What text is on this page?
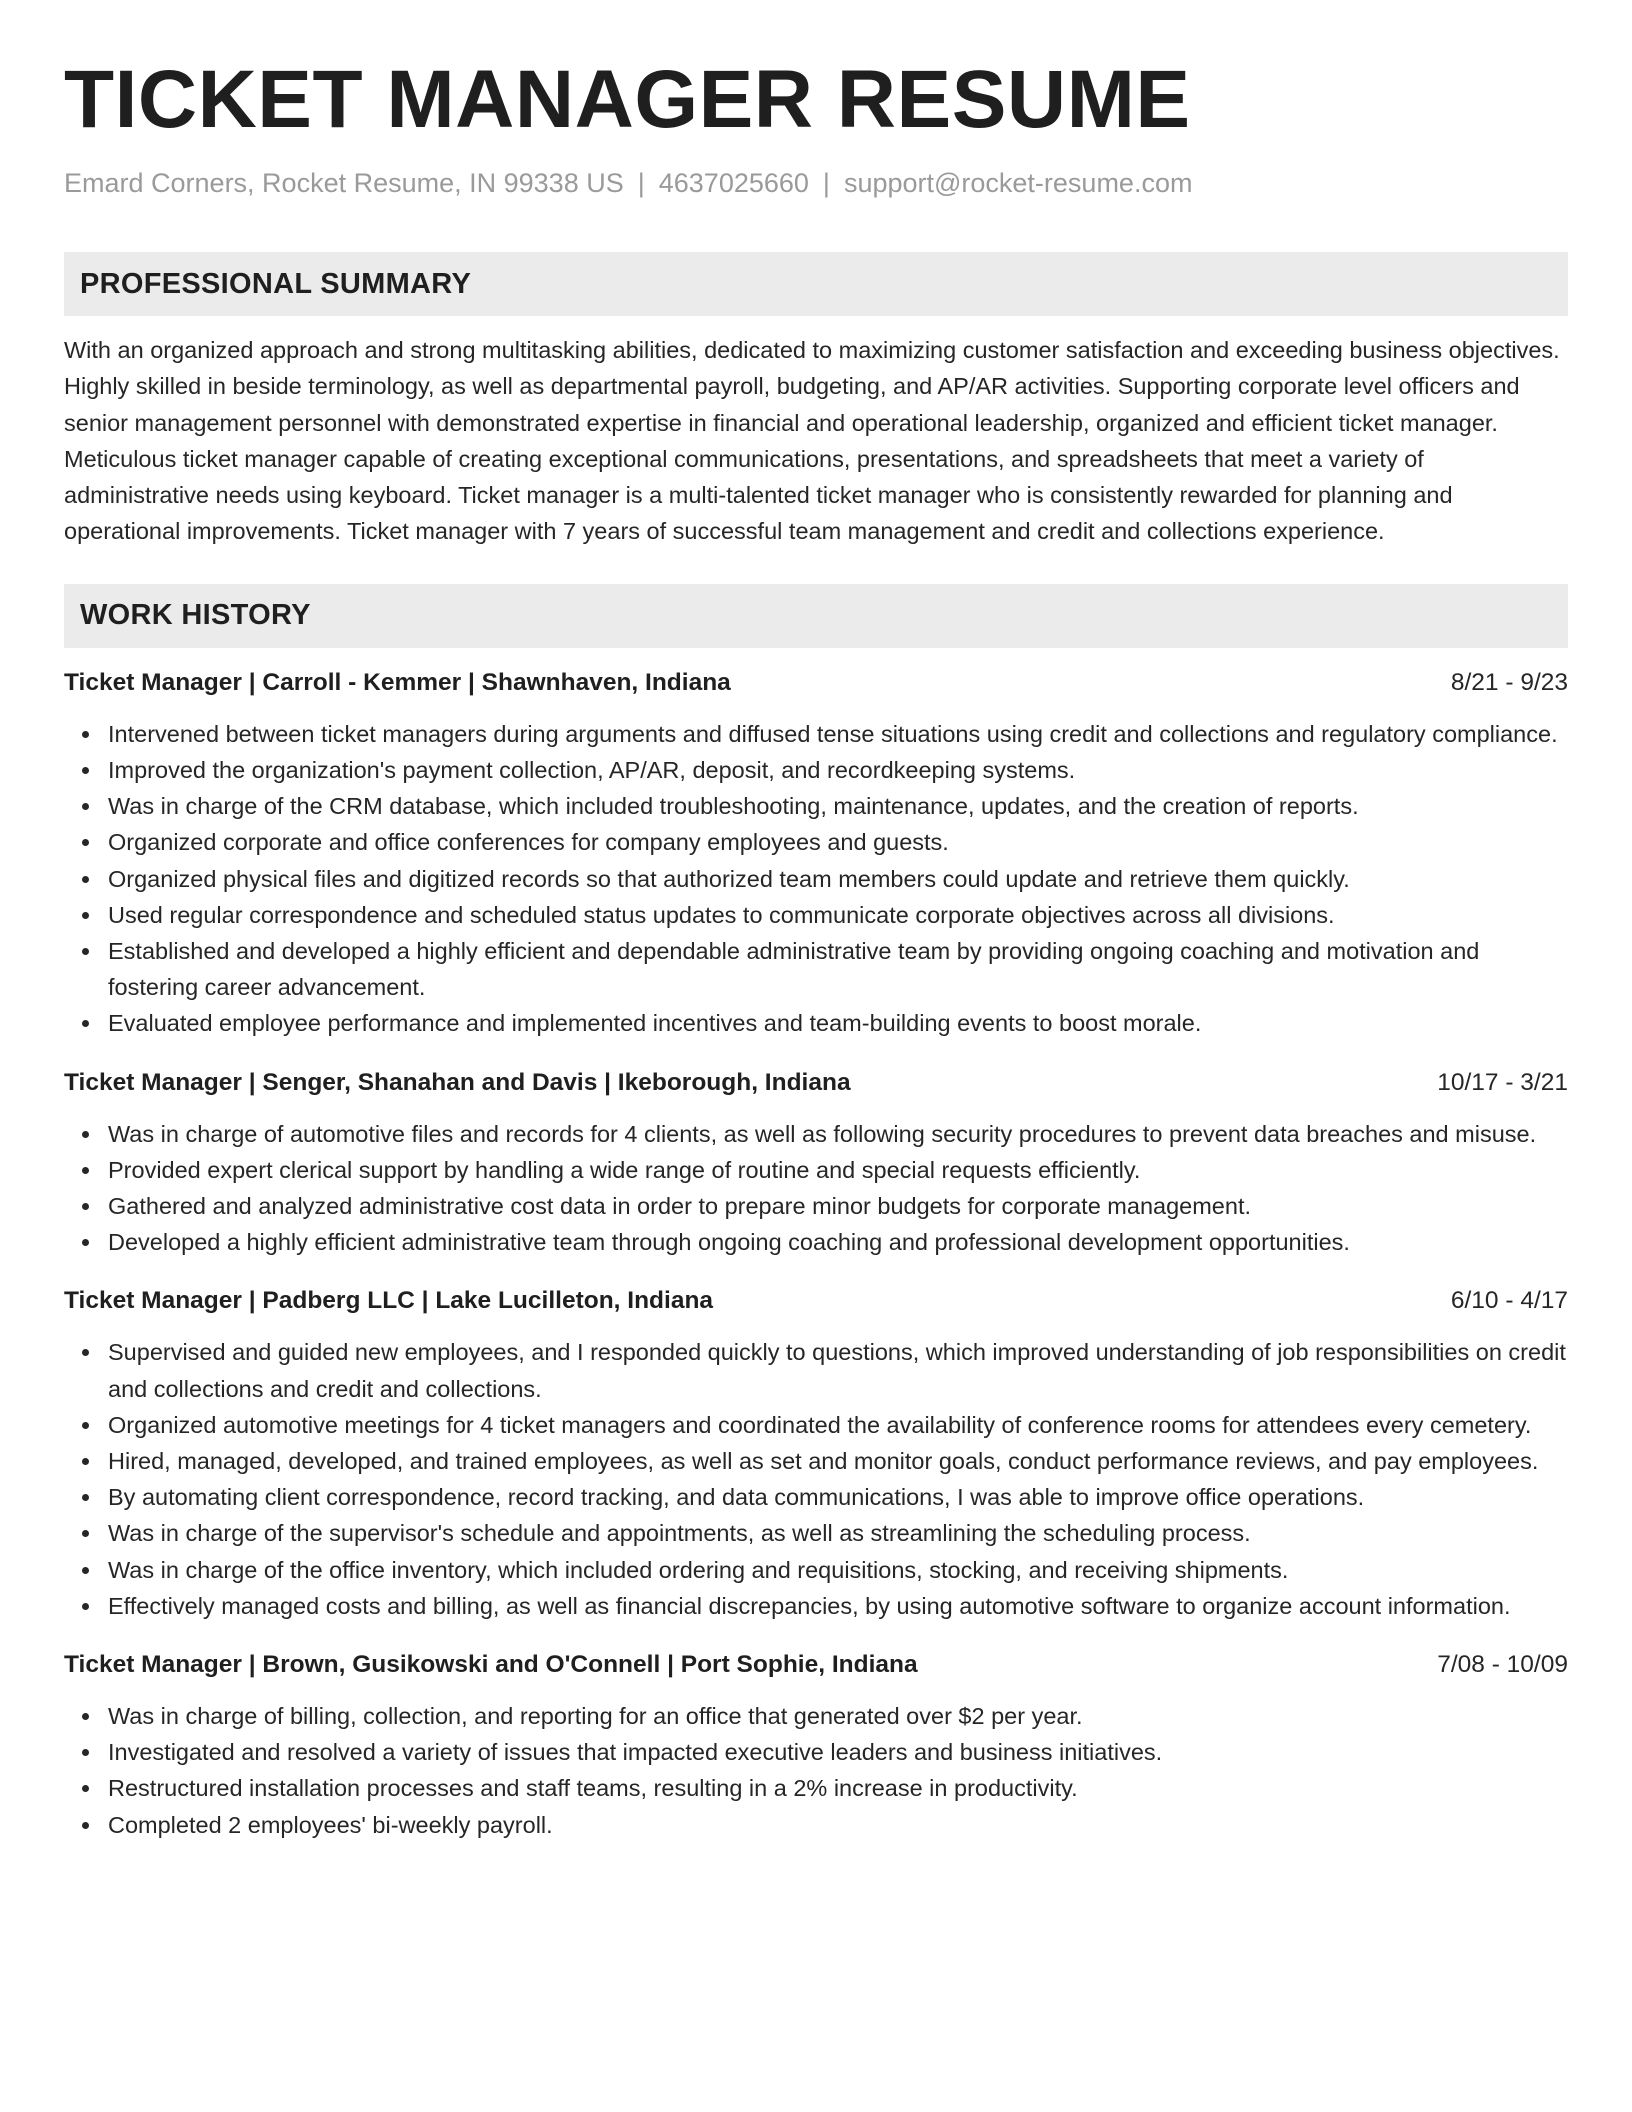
TICKET MANAGER RESUME
Emard Corners, Rocket Resume, IN 99338 US | 4637025660 | support@rocket-resume.com
PROFESSIONAL SUMMARY

With an organized approach and strong multitasking abilities, dedicated to maximizing customer satisfaction and exceeding business objectives. Highly skilled in beside terminology, as well as departmental payroll, budgeting, and AP/AR activities. Supporting corporate level officers and senior management personnel with demonstrated expertise in financial and operational leadership, organized and efficient ticket manager. Meticulous ticket manager capable of creating exceptional communications, presentations, and spreadsheets that meet a variety of administrative needs using keyboard. Ticket manager is a multi-talented ticket manager who is consistently rewarded for planning and operational improvements. Ticket manager with 7 years of successful team management and credit and collections experience.

WORK HISTORY
Ticket Manager | Carroll - Kemmer | Shawnhaven, Indiana	8/21 - 9/23
Intervened between ticket managers during arguments and diffused tense situations using credit and collections and regulatory compliance.
Improved the organization's payment collection, AP/AR, deposit, and recordkeeping systems.
Was in charge of the CRM database, which included troubleshooting, maintenance, updates, and the creation of reports.
Organized corporate and office conferences for company employees and guests.
Organized physical files and digitized records so that authorized team members could update and retrieve them quickly.
Used regular correspondence and scheduled status updates to communicate corporate objectives across all divisions.
Established and developed a highly efficient and dependable administrative team by providing ongoing coaching and motivation and fostering career advancement.
Evaluated employee performance and implemented incentives and team-building events to boost morale.
Ticket Manager | Senger, Shanahan and Davis | Ikeborough, Indiana	10/17 - 3/21
Was in charge of automotive files and records for 4 clients, as well as following security procedures to prevent data breaches and misuse.
Provided expert clerical support by handling a wide range of routine and special requests efficiently.
Gathered and analyzed administrative cost data in order to prepare minor budgets for corporate management.
Developed a highly efficient administrative team through ongoing coaching and professional development opportunities.
Ticket Manager | Padberg LLC | Lake Lucilleton, Indiana	6/10 - 4/17
Supervised and guided new employees, and I responded quickly to questions, which improved understanding of job responsibilities on credit and collections and credit and collections.
Organized automotive meetings for 4 ticket managers and coordinated the availability of conference rooms for attendees every cemetery.
Hired, managed, developed, and trained employees, as well as set and monitor goals, conduct performance reviews, and pay employees.
By automating client correspondence, record tracking, and data communications, I was able to improve office operations.
Was in charge of the supervisor's schedule and appointments, as well as streamlining the scheduling process.
Was in charge of the office inventory, which included ordering and requisitions, stocking, and receiving shipments.
Effectively managed costs and billing, as well as financial discrepancies, by using automotive software to organize account information.
Ticket Manager | Brown, Gusikowski and O'Connell | Port Sophie, Indiana	7/08 - 10/09
Was in charge of billing, collection, and reporting for an office that generated over $2 per year.
Investigated and resolved a variety of issues that impacted executive leaders and business initiatives.
Restructured installation processes and staff teams, resulting in a 2% increase in productivity.
Completed 2 employees' bi-weekly payroll.
